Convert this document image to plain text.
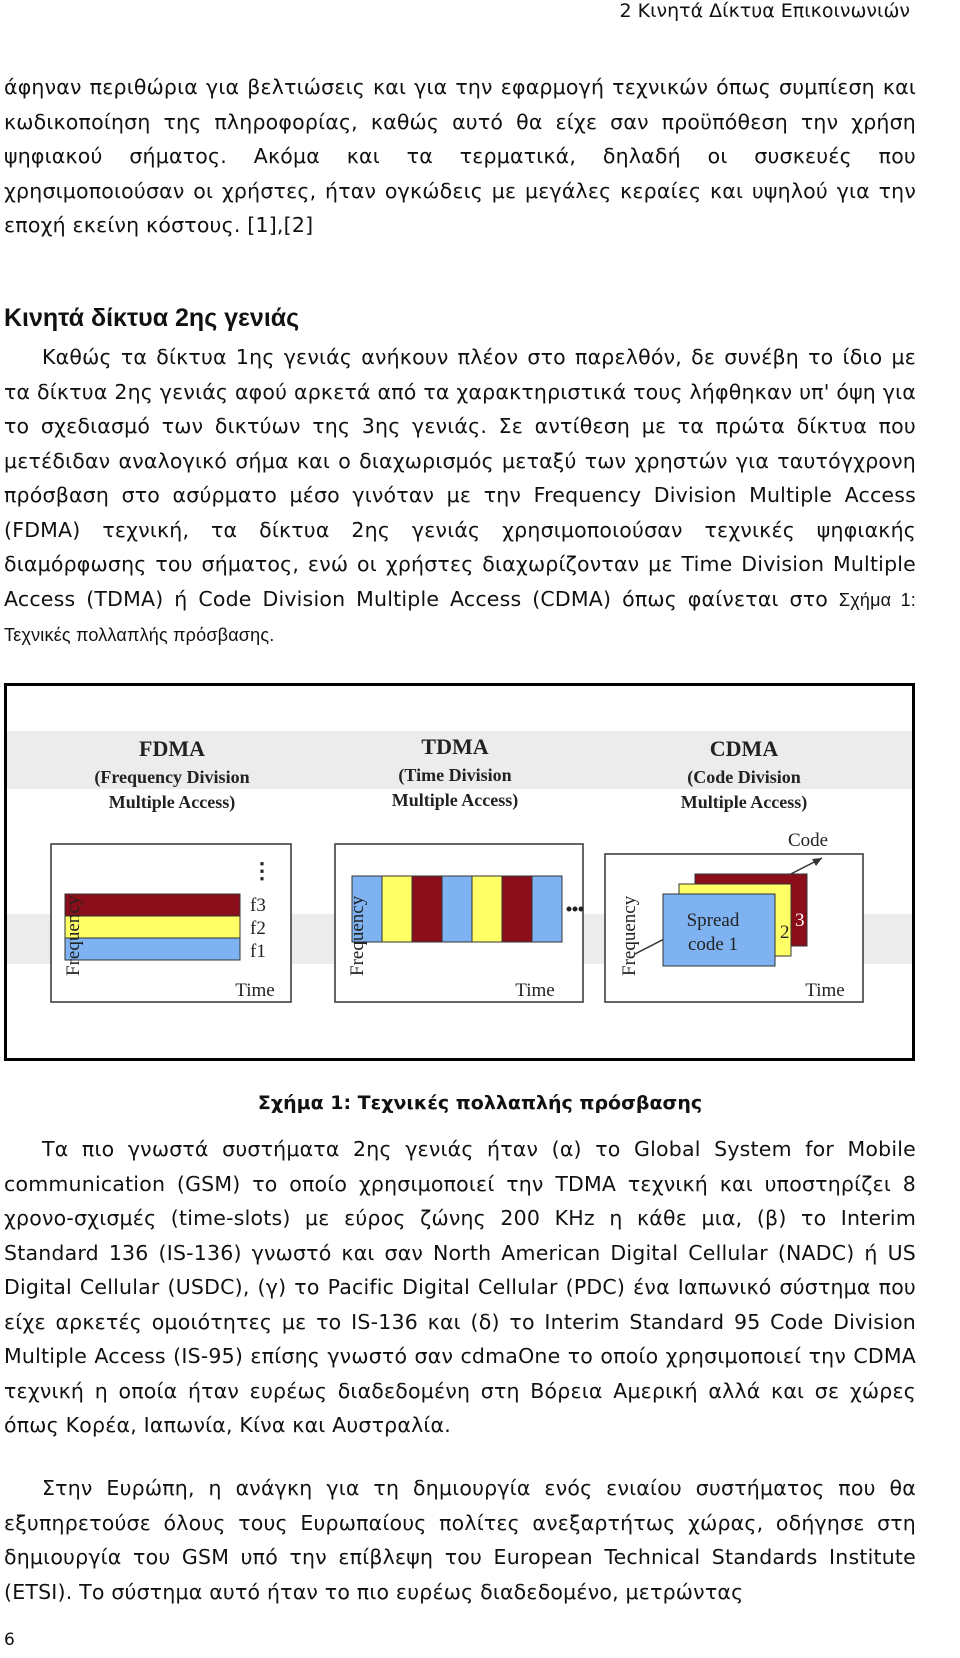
2 Κινητά Δίκτυα Επικοινωνιών
άφηναν περιθώρια για βελτιώσεις και για την εφαρμογή τεχνικών όπως συμπίεση και κωδικοποίηση της πληροφορίας, καθώς αυτό θα είχε σαν προϋπόθεση την χρήση ψηφιακού σήματος. Ακόμα και τα τερματικά, δηλαδή οι συσκευές που χρησιμοποιούσαν οι χρήστες, ήταν ογκώδεις με μεγάλες κεραίες και υψηλού για την εποχή εκείνη κόστους. [1],[2]
Κινητά δίκτυα 2ης γενιάς
Καθώς τα δίκτυα 1ης γενιάς ανήκουν πλέον στο παρελθόν, δε συνέβη το ίδιο με τα δίκτυα 2ης γενιάς αφού αρκετά από τα χαρακτηριστικά τους λήφθηκαν υπ' όψη για το σχεδιασμό των δικτύων της 3ης γενιάς. Σε αντίθεση με τα πρώτα δίκτυα που μετέδιδαν αναλογικό σήμα και ο διαχωρισμός μεταξύ των χρηστών για ταυτόγχρονη πρόσβαση στο ασύρματο μέσο γινόταν με την Frequency Division Multiple Access (FDMA) τεχνική, τα δίκτυα 2ης γενιάς χρησιμοποιούσαν τεχνικές ψηφιακής διαμόρφωσης του σήματος, ενώ οι χρήστες διαχωρίζονταν με Time Division Multiple Access (TDMA) ή Code Division Multiple Access (CDMA) όπως φαίνεται στο Σχήμα 1: Τεχνικές πολλαπλής πρόσβασης.
FDMA
(Frequency Division
Multiple Access)
⋮
f3
f2
f1
Time
Frequency
TDMA
(Time Division
Multiple Access)
Time
Frequency
CDMA
(Code Division
Multiple Access)
Code
Spread
code 1
2
3
Time
Frequency
Σχήμα 1: Τεχνικές πολλαπλής πρόσβασης
Τα πιο γνωστά συστήματα 2ης γενιάς ήταν (α) το Global System for Mobile communication (GSM) το οποίο χρησιμοποιεί την TDMA τεχνική και υποστηρίζει 8 χρονο-σχισμές (time-slots) με εύρος ζώνης 200 KHz η κάθε μια, (β) το Interim Standard 136 (IS-136) γνωστό και σαν North American Digital Cellular (NADC) ή US Digital Cellular (USDC), (γ) το Pacific Digital Cellular (PDC) ένα Ιαπωνικό σύστημα που είχε αρκετές ομοιότητες με το IS-136 και (δ) το Interim Standard 95 Code Division Multiple Access (IS-95) επίσης γνωστό σαν cdmaOne το οποίο χρησιμοποιεί την CDMA τεχνική η οποία ήταν ευρέως διαδεδομένη στη Βόρεια Αμερική αλλά και σε χώρες όπως Κορέα, Ιαπωνία, Κίνα και Αυστραλία.
Στην Ευρώπη, η ανάγκη για τη δημιουργία ενός ενιαίου συστήματος που θα εξυπηρετούσε όλους τους Ευρωπαίους πολίτες ανεξαρτήτως χώρας, οδήγησε στη δημιουργία του GSM υπό την επίβλεψη του European Technical Standards Institute (ETSI). Το σύστημα αυτό ήταν το πιο ευρέως διαδεδομένο, μετρώντας
6
